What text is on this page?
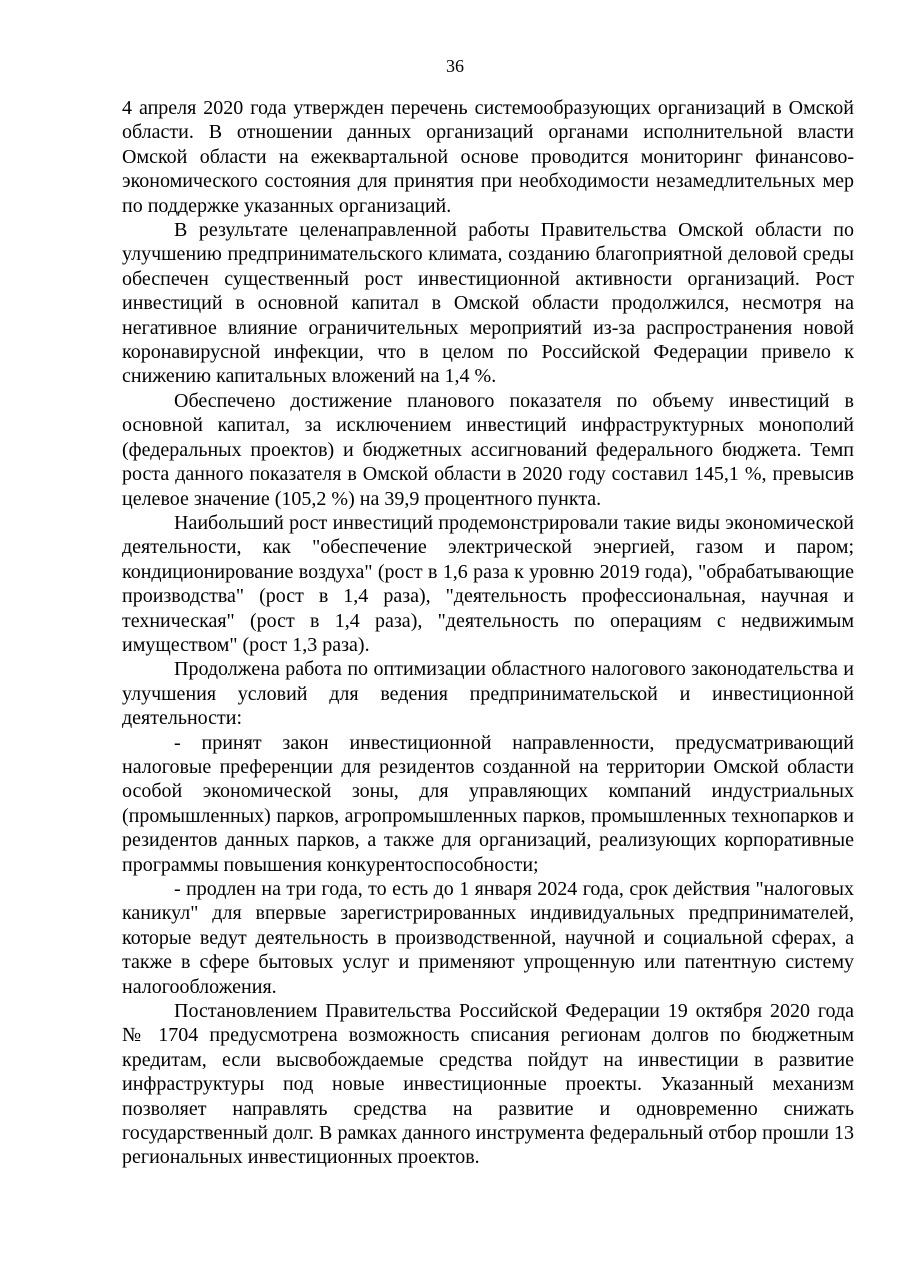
36

4 апреля 2020 года утвержден перечень системообразующих организаций в Омской области. В отношении данных организаций органами исполнительной власти Омской области на ежеквартальной основе проводится мониторинг финансово-экономического состояния для принятия при необходимости незамедлительных мер по поддержке указанных организаций.

В результате целенаправленной работы Правительства Омской области по улучшению предпринимательского климата, созданию благоприятной деловой среды обеспечен существенный рост инвестиционной активности организаций. Рост инвестиций в основной капитал в Омской области продолжился, несмотря на негативное влияние ограничительных мероприятий из-за распространения новой коронавирусной инфекции, что в целом по Российской Федерации привело к снижению капитальных вложений на 1,4 %.

Обеспечено достижение планового показателя по объему инвестиций в основной капитал, за исключением инвестиций инфраструктурных монополий (федеральных проектов) и бюджетных ассигнований федерального бюджета. Темп роста данного показателя в Омской области в 2020 году составил 145,1 %, превысив целевое значение (105,2 %) на 39,9 процентного пункта.

Наибольший рост инвестиций продемонстрировали такие виды экономической деятельности, как "обеспечение электрической энергией, газом и паром; кондиционирование воздуха" (рост в 1,6 раза к уровню 2019 года), "обрабатывающие производства" (рост в 1,4 раза), "деятельность профессиональная, научная и техническая" (рост в 1,4 раза), "деятельность по операциям с недвижимым имуществом" (рост 1,3 раза).

Продолжена работа по оптимизации областного налогового законодательства и улучшения условий для ведения предпринимательской и инвестиционной деятельности:

- принят закон инвестиционной направленности, предусматривающий налоговые преференции для резидентов созданной на территории Омской области особой экономической зоны, для управляющих компаний индустриальных (промышленных) парков, агропромышленных парков, промышленных технопарков и резидентов данных парков, а также для организаций, реализующих корпоративные программы повышения конкурентоспособности;

- продлен на три года, то есть до 1 января 2024 года, срок действия "налоговых каникул" для впервые зарегистрированных индивидуальных предпринимателей, которые ведут деятельность в производственной, научной и социальной сферах, а также в сфере бытовых услуг и применяют упрощенную или патентную систему налогообложения.

Постановлением Правительства Российской Федерации 19 октября 2020 года № 1704 предусмотрена возможность списания регионам долгов по бюджетным кредитам, если высвобождаемые средства пойдут на инвестиции в развитие инфраструктуры под новые инвестиционные проекты. Указанный механизм позволяет направлять средства на развитие и одновременно снижать государственный долг. В рамках данного инструмента федеральный отбор прошли 13 региональных инвестиционных проектов.
